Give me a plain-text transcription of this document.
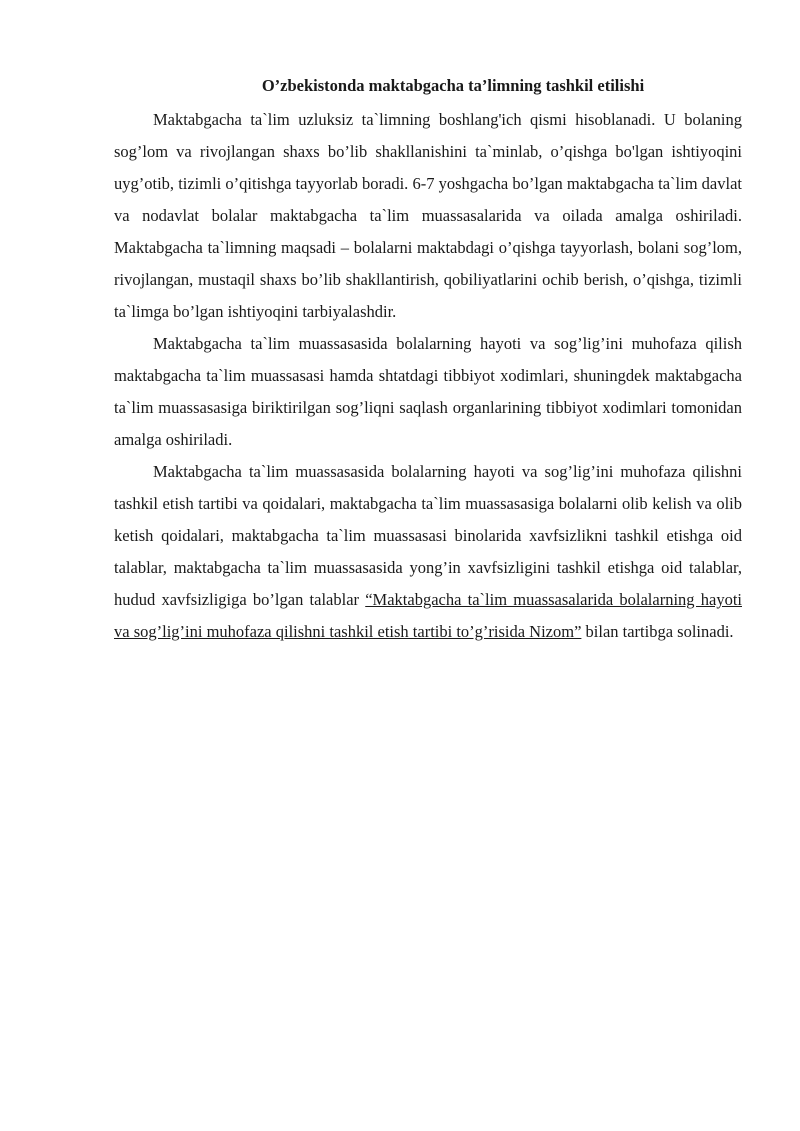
O’zbekistonda maktabgacha ta’limning tashkil etilishi

Maktabgacha ta`lim uzluksiz ta`limning boshlang'ich qismi hisoblanadi. U bolaning sog’lom va rivojlangan shaxs bo’lib shakllanishini ta`minlab, o’qishga bo'lgan ishtiyoqini uyg’otib, tizimli o’qitishga tayyorlab boradi. 6-7 yoshgacha bo’lgan maktabgacha ta`lim davlat va nodavlat bolalar maktabgacha ta`lim muassasalarida va oilada amalga oshiriladi. Maktabgacha ta`limning maqsadi – bolalarni maktabdagi o’qishga tayyorlash, bolani sog’lom, rivojlangan, mustaqil shaxs bo’lib shakllantirish, qobiliyatlarini ochib berish, o’qishga, tizimli ta`limga bo’lgan ishtiyoqini tarbiyalashdir.

Maktabgacha ta`lim muassasasida bolalarning hayoti va sog’lig’ini muhofaza qilish maktabgacha ta`lim muassasasi hamda shtatdagi tibbiyot xodimlari, shuningdek maktabgacha ta`lim muassasasiga biriktirilgan sog’liqni saqlash organlarining tibbiyot xodimlari tomonidan amalga oshiriladi.

Maktabgacha ta`lim muassasasida bolalarning hayoti va sog’lig’ini muhofaza qilishni tashkil etish tartibi va qoidalari, maktabgacha ta`lim muassasasiga bolalarni olib kelish va olib ketish qoidalari, maktabgacha ta`lim muassasasi binolarida xavfsizlikni tashkil etishga oid talablar, maktabgacha ta`lim muassasasida yong’in xavfsizligini tashkil etishga oid talablar, hudud xavfsizligiga bo’lgan talablar “Maktabgacha ta`lim muassasalarida bolalarning hayoti va sog’lig’ini muhofaza qilishni tashkil etish tartibi to’g’risida Nizom” bilan tartibga solinadi.
